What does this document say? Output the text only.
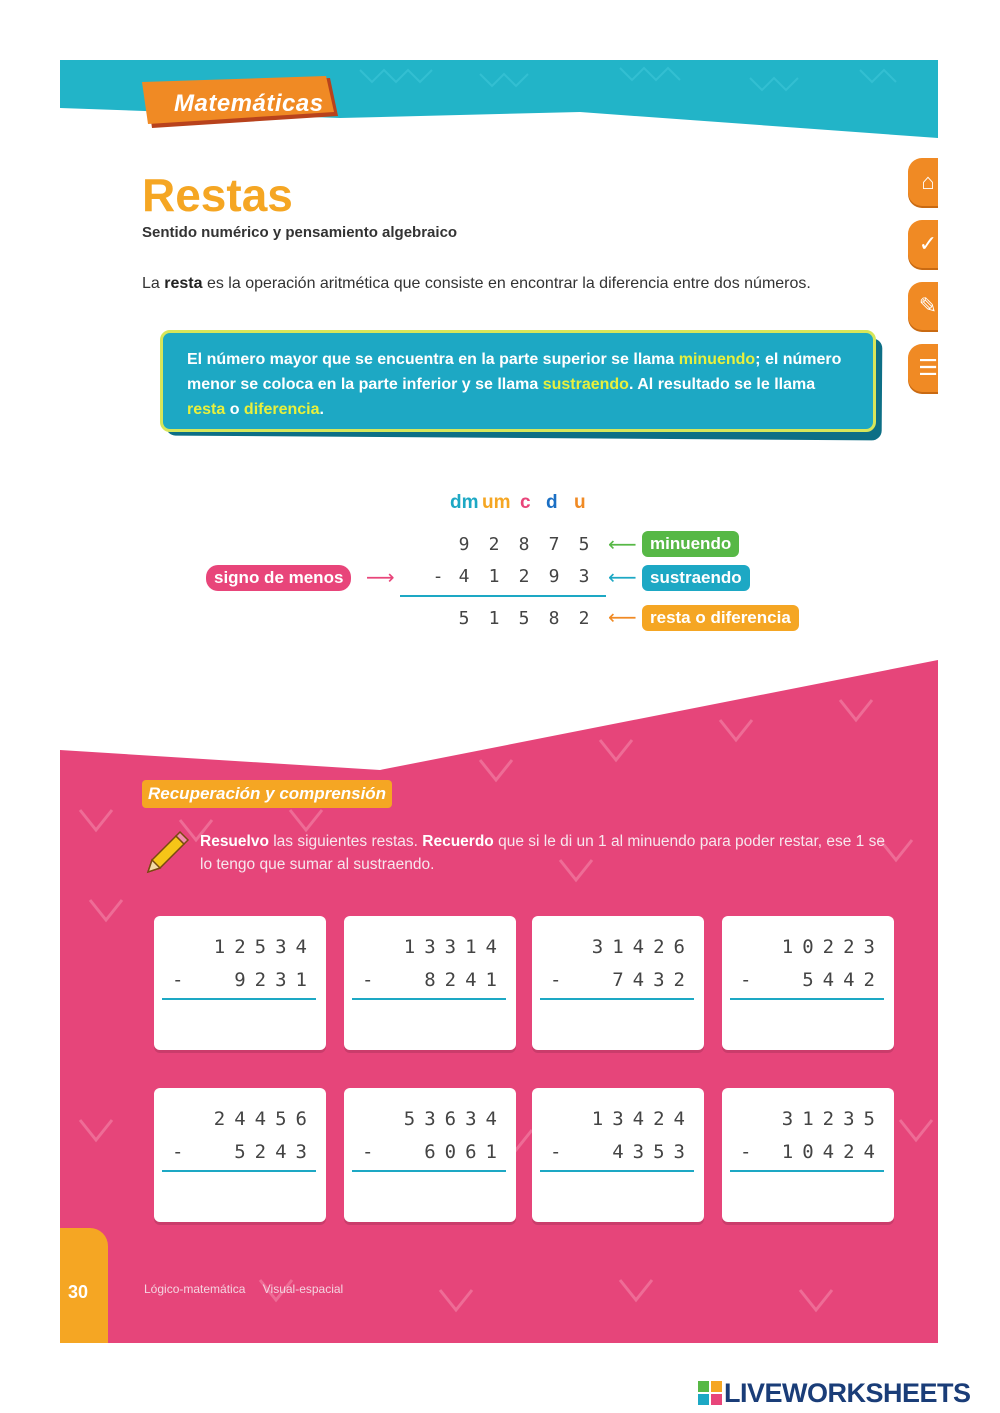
Matemáticas
Restas
Sentido numérico y pensamiento algebraico
La resta es la operación aritmética que consiste en encontrar la diferencia entre dos números.
⌂
✓
✎
☰
El número mayor que se encuentra en la parte superior se llama minuendo; el número menor se coloca en la parte inferior y se llama sustraendo. Al resultado se le llama resta o diferencia.
dm um c d u
9 2 8 7 5
- 4 1 2 9 3
5 1 5 8 2
⟵ minuendo
⟵ sustraendo
⟵ resta o diferencia
signo de menos	⟶
Recuperación y comprensión
Resuelvo las siguientes restas. Recuerdo que si le di un 1 al minuendo para poder restar, ese 1 se lo tengo que sumar al sustraendo.
12534
-	9231
13314
-	8241
31426
-	7432
10223
-	5442
24456
-	5243
53634
-	6061
13424
-	4353
31235
- 10424
30	Lógico-matemática Visual-espacial
LIVEWORKSHEETS
